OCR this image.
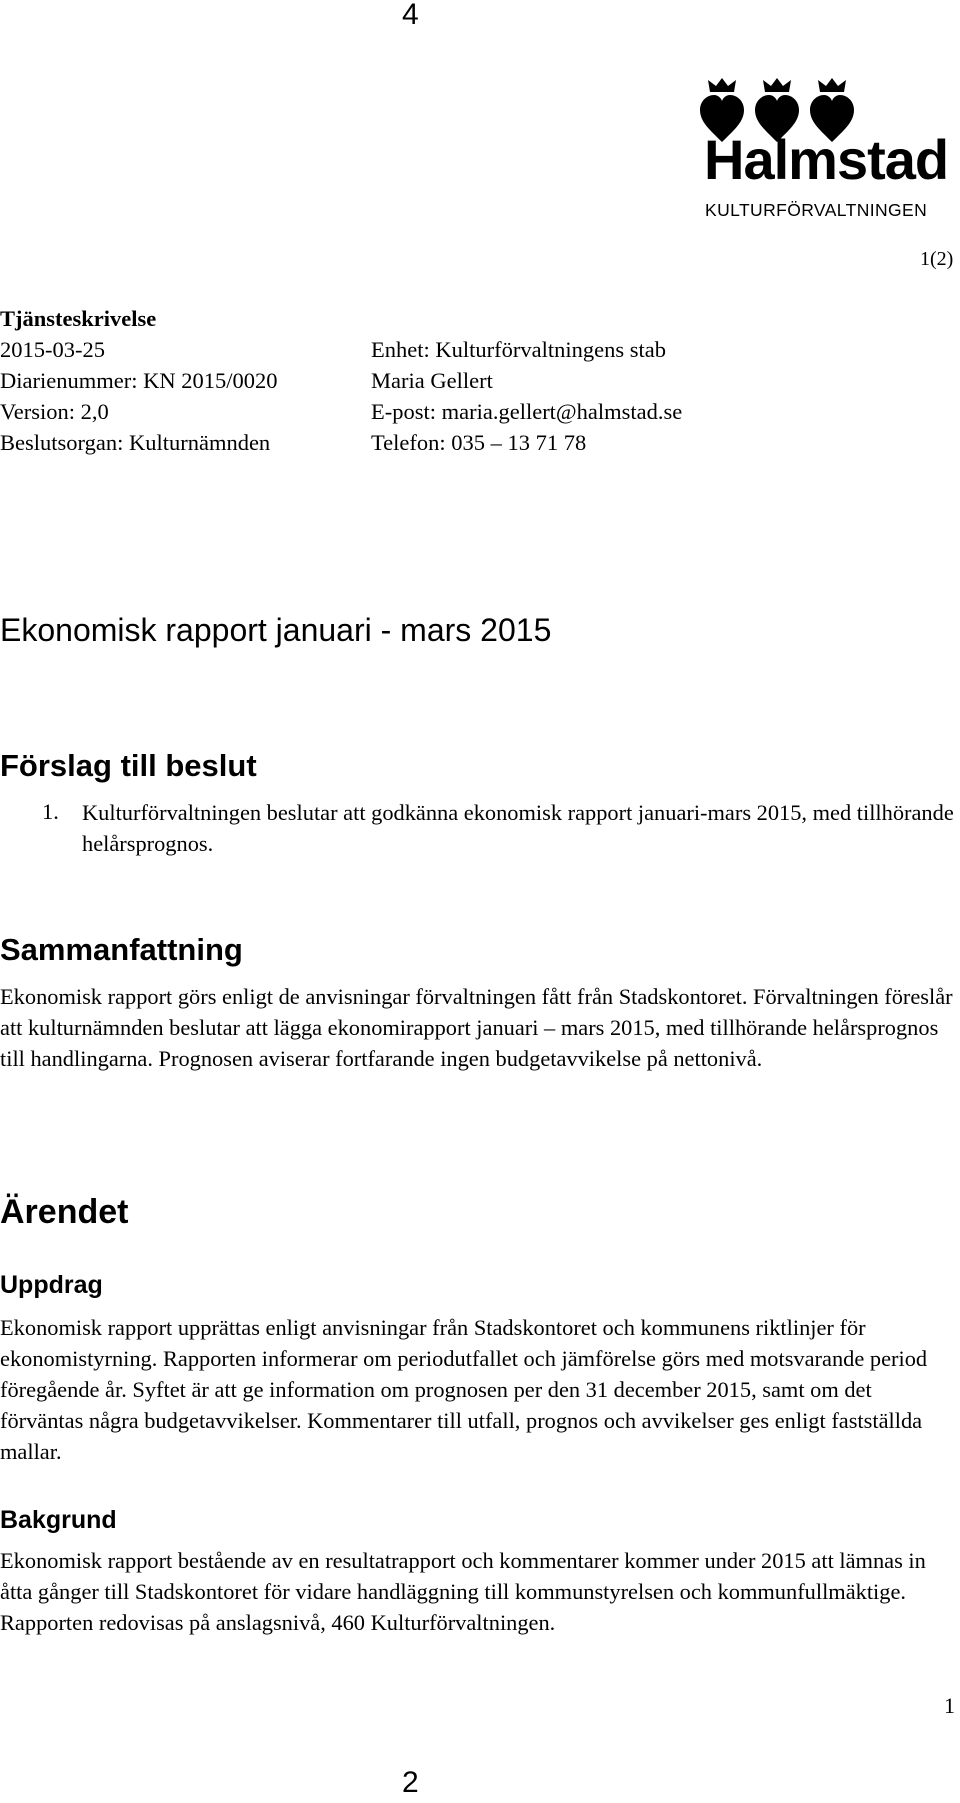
4
Halmstad
KULTURFÖRVALTNINGEN
1(2)
Tjänsteskrivelse
2015-03-25
Diarienummer: KN 2015/0020
Version: 2,0
Beslutsorgan: Kulturnämnden
Enhet: Kulturförvaltningens stab
Maria Gellert
E-post: maria.gellert@halmstad.se
Telefon: 035 – 13 71 78
Ekonomisk rapport januari - mars 2015
Förslag till beslut
1. Kulturförvaltningen beslutar att godkänna ekonomisk rapport januari-mars 2015, med tillhörande helårsprognos.
Sammanfattning
Ekonomisk rapport görs enligt de anvisningar förvaltningen fått från Stadskontoret. Förvaltningen föreslår att kulturnämnden beslutar att lägga ekonomirapport januari – mars 2015, med tillhörande helårsprognos till handlingarna. Prognosen aviserar fortfarande ingen budgetavvikelse på nettonivå.
Ärendet
Uppdrag
Ekonomisk rapport upprättas enligt anvisningar från Stadskontoret och kommunens riktlinjer för ekonomistyrning. Rapporten informerar om periodutfallet och jämförelse görs med motsvarande period föregående år. Syftet är att ge information om prognosen per den 31 december 2015, samt om det förväntas några budgetavvikelser. Kommentarer till utfall, prognos och avvikelser ges enligt fastställda mallar.
Bakgrund
Ekonomisk rapport bestående av en resultatrapport och kommentarer kommer under 2015 att lämnas in åtta gånger till Stadskontoret för vidare handläggning till kommunstyrelsen och kommunfullmäktige. Rapporten redovisas på anslagsnivå, 460 Kulturförvaltningen.
1
2
